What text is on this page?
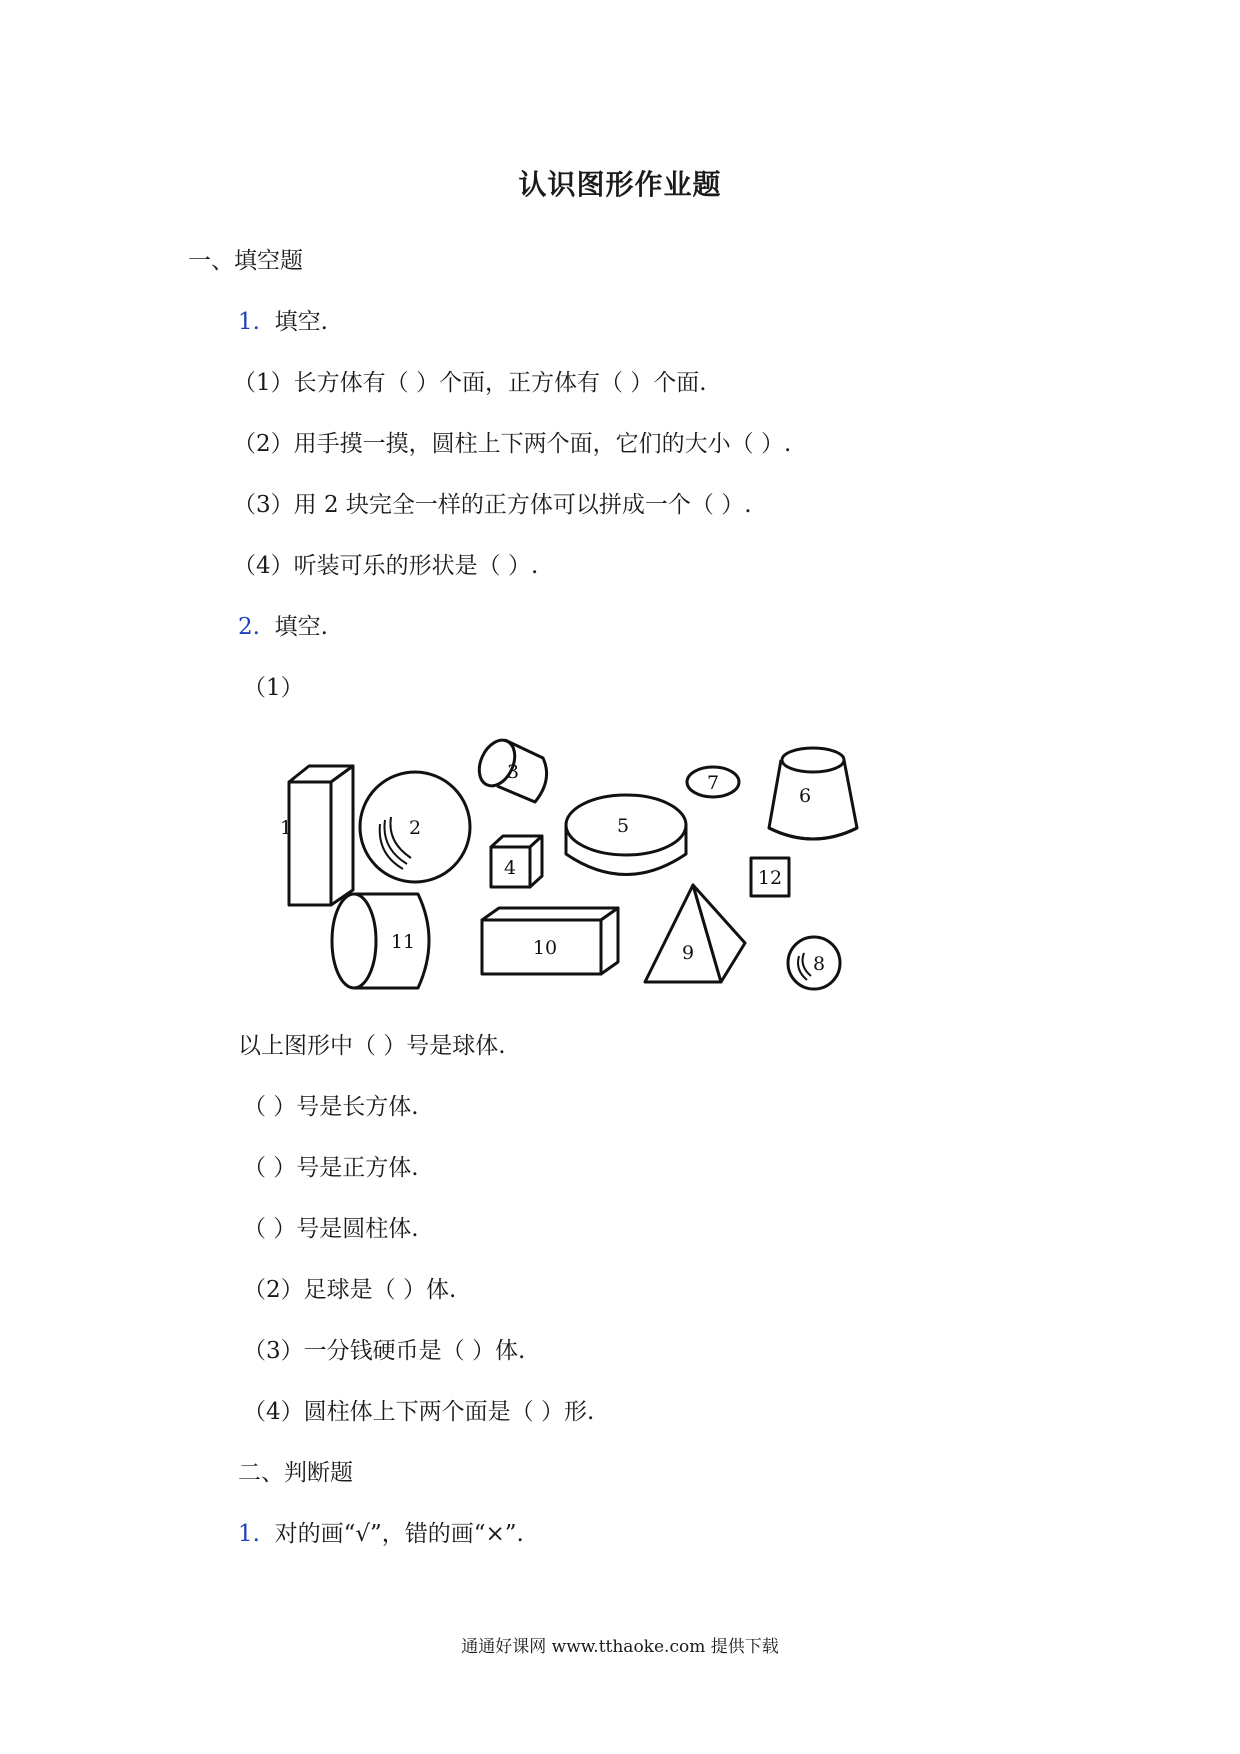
认识图形作业题
一、填空题
1. 填空.
（1）长方体有（ ）个面，正方体有（ ）个面.
（2）用手摸一摸，圆柱上下两个面，它们的大小（ ）.
（3）用 2 块完全一样的正方体可以拼成一个（ ）.
（4）听装可乐的形状是（ ）.
2. 填空.
（1）
1	2
3
4
5
6
7
8
9
10
11
12
以上图形中（ ）号是球体.
（ ）号是长方体.
（ ）号是正方体.
（ ）号是圆柱体.
（2）足球是（ ）体.
（3）一分钱硬币是（ ）体.
（4）圆柱体上下两个面是（ ）形.
二、判断题
1. 对的画“√”，错的画“×”.
通通好课网 www.tthaoke.com 提供下载
